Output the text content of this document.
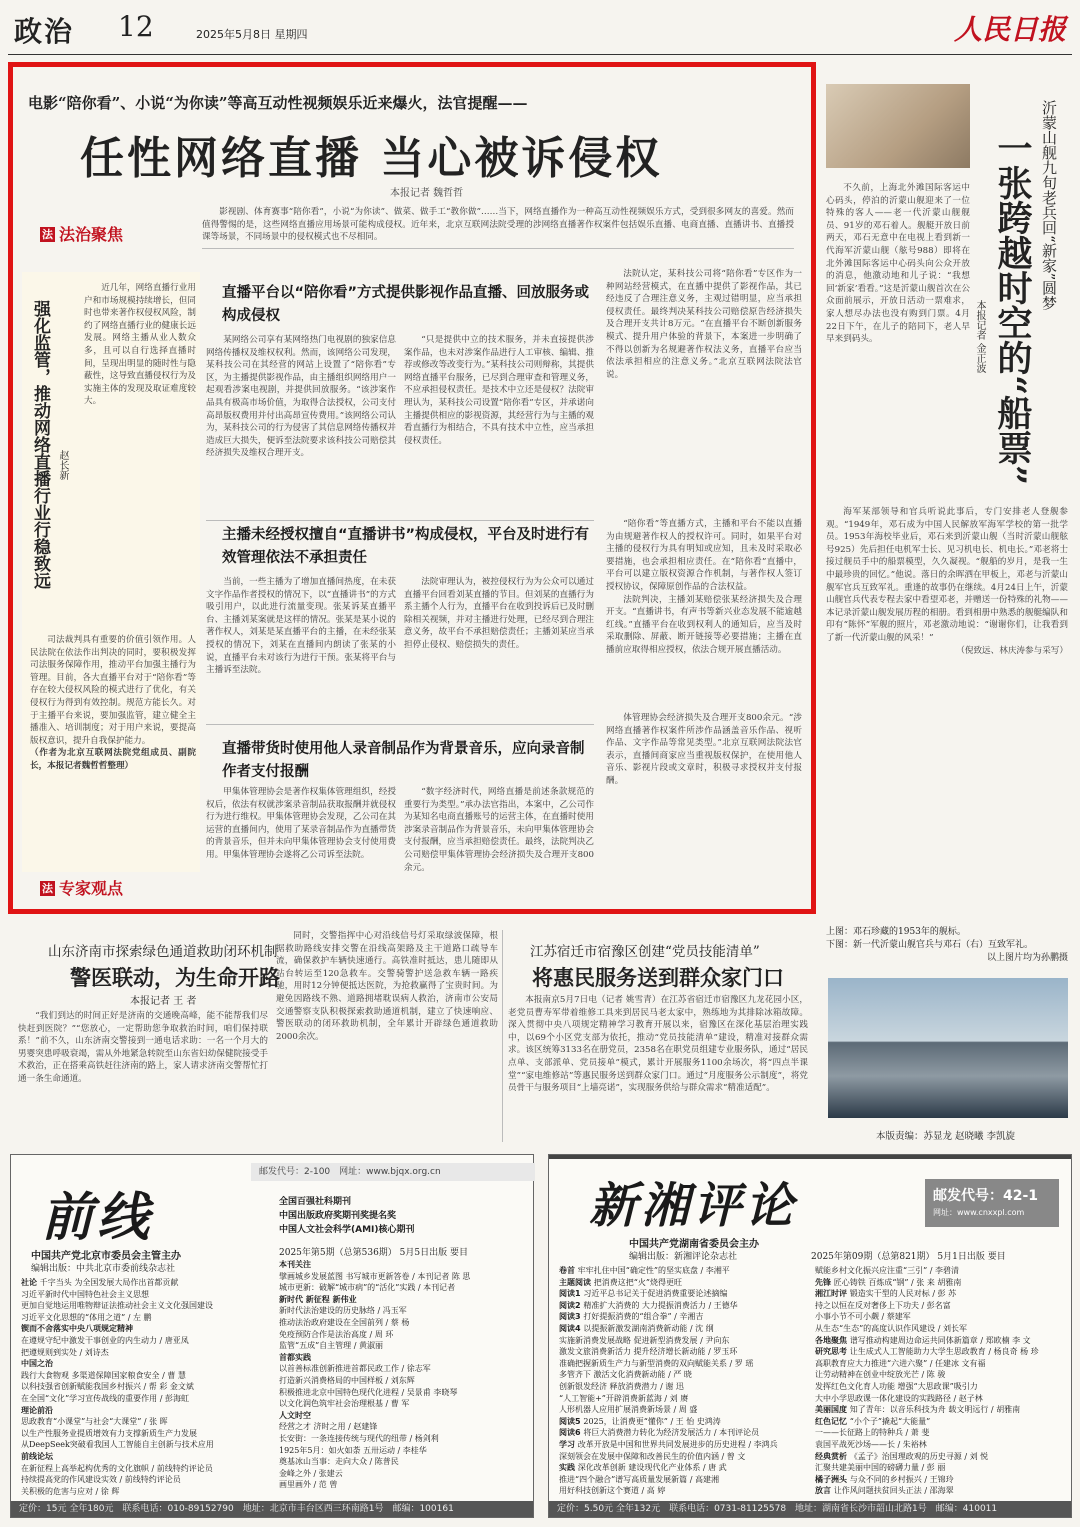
政治 12	2025年5月8日 星期四	人民日报
电影“陪你看”、小说“为你读”等高互动性视频娱乐近来爆火，法官提醒——
任性网络直播 当心被诉侵权
本报记者 魏哲哲
法 法治聚焦

影视剧、体育赛事“陪你看”，小说“为你读”、做菜、做手工“教你做”……当下，网络直播作为一种高互动性视频娱乐方式，受到很多网友的喜爱。然而值得警惕的是，这些网络直播应用场景可能构成侵权。近年来，北京互联网法院受理的涉网络直播著作权案件包括娱乐直播、电商直播、直播讲书、直播授课等场景，不同场景中的侵权模式也不尽相同。

强化监管，推动网络直播行业行稳致远 赵长新

近几年，网络直播行业用户和市场规模持续增长，但同时也带来著作权侵权风险，制约了网络直播行业的健康长远发展。网络主播从业人数众多，且可以自行选择直播时间，呈现出明显的随时性与隐蔽性，这导致直播侵权行为及实施主体的发现及取证难度较大。

司法裁判具有重要的价值引领作用。人民法院在依法作出判决的同时，要积极发挥司法服务保障作用，推动平台加强主播行为管理。目前，各大直播平台对于“陪你看”等存在较大侵权风险的模式进行了优化，有关侵权行为得到有效控制。规范方能长久。对于主播平台来说，要加强监管，建立健全主播准入、培训制度；对于用户来说，要提高版权意识，提升自我保护能力。

（作者为北京互联网法院党组成员、副院长，本报记者魏哲哲整理）

法 专家观点
直播平台以“陪你看”方式提供影视作品直播、回放服务或构成侵权

某网络公司享有某网络热门电视剧的独家信息网络传播权及维权权利。然而，该网络公司发现，某科技公司在其经营的网站上设置了“陪你看”专区，为主播提供影视作品，由主播组织网络用户一起观看涉案电视剧，并提供回放服务。“该涉案作品具有极高市场价值，为取得合法授权，公司支付高昂版权费用并付出高昂宣传费用。”该网络公司认为，某科技公司的行为侵害了其信息网络传播权并造成巨大损失，便诉至法院要求该科技公司赔偿其经济损失及维权合理开支。

“只是提供中立的技术服务，并未直接提供涉案作品，也未对涉案作品进行人工审核、编辑、推荐或修改等改变行为。”某科技公司则辩称，其提供网络直播平台服务，已尽到合理审查和管理义务，不应承担侵权责任。是技术中立还是侵权？法院审理认为，某科技公司设置“陪你看”专区，并承诺向主播提供相应的影视资源，其经营行为与主播的观看直播行为相结合，不具有技术中立性，应当承担侵权责任。

法院认定，某科技公司将“陪你看”专区作为一种网站经营模式，在直播中提供了影视作品，其已经违反了合理注意义务，主观过错明显，应当承担侵权责任。最终判决某科技公司赔偿原告经济损失及合理开支共计8万元。“在直播平台不断创新服务模式、提升用户体验的背景下，本案进一步明确了不得以创新为名规避著作权法义务，直播平台应当依法承担相应的注意义务。”北京互联网法院法官说。

主播未经授权擅自“直播讲书”构成侵权，平台及时进行有效管理依法不承担责任

当前，一些主播为了增加直播间热度，在未获文字作品作者授权的情况下，以“直播讲书”的方式吸引用户，以此进行流量变现。张某诉某直播平台、主播刘某案就是这样的情况。张某是某小说的著作权人，刘某是某直播平台的主播，在未经张某授权的情况下，刘某在直播间内朗读了张某的小说，直播平台未对该行为进行干预。张某将平台与主播诉至法院。

法院审理认为，被控侵权行为为公众可以通过直播平台回看刘某直播的节目。但刘某的直播行为系主播个人行为，直播平台在收到投诉后已及时删除相关视频，并对主播进行处理，已经尽到合理注意义务，故平台不承担赔偿责任；主播刘某应当承担停止侵权、赔偿损失的责任。

“陪你看”等直播方式，主播和平台不能以直播为由规避著作权人的授权许可。同时，如果平台对主播的侵权行为具有明知或应知，且未及时采取必要措施，也会承担相应责任。在“陪你看”直播中，平台可以建立版权资源合作机制，与著作权人签订授权协议，保障原创作品的合法权益。

法院判决，主播刘某赔偿张某经济损失及合理开支。“直播讲书，有声书等新兴业态发展不能逾越红线。”直播平台在收到权利人的通知后，应当及时采取删除、屏蔽、断开链接等必要措施；主播在直播前应取得相应授权，依法合规开展直播活动。

直播带货时使用他人录音制品作为背景音乐，应向录音制作者支付报酬

甲集体管理协会是著作权集体管理组织，经授权后，依法有权就涉案录音制品获取报酬并就侵权行为进行维权。甲集体管理协会发现，乙公司在其运营的直播间内，使用了某录音制品作为直播带货的背景音乐，但并未向甲集体管理协会支付使用费用。甲集体管理协会遂将乙公司诉至法院。

“数字经济时代，网络直播是前述条款规范的重要行为类型。”承办法官指出，本案中，乙公司作为某知名电商直播账号的运营主体，在直播时使用涉案录音制品作为背景音乐，未向甲集体管理协会支付报酬，应当承担赔偿责任。最终，法院判决乙公司赔偿甲集体管理协会经济损失及合理开支800余元。

体管理协会经济损失及合理开支800余元。“涉网络直播著作权案件所涉作品涵盖音乐作品、视听作品、文字作品等常见类型。”北京互联网法院法官表示，直播间商家应当重视版权保护，在使用他人音乐、影视片段或文章时，积极寻求授权并支付报酬。

沂蒙山舰九旬老兵回“新家”圆梦
一张跨越时空的“船票”
本报记者 金正波

不久前，上海北外滩国际客运中心码头，停泊的沂蒙山舰迎来了一位特殊的客人——老一代沂蒙山舰舰员、91岁的邓石着人。舰艇开放日前两天，邓石无意中在电视上看到新一代海军沂蒙山舰（舷号988）即将在北外滩国际客运中心码头向公众开放的消息，他激动地和儿子说：“我想回‘新家’看看。”这是沂蒙山舰首次在公众面前展示，开放日活动一票难求，家人想尽办法也没有购到门票。4月22日下午，在儿子的陪同下，老人早早来到码头。

海军某部领导和官兵听说此事后，专门安排老人登舰参观。“1949年，邓石成为中国人民解放军海军学校的第一批学员。1953年海校毕业后，邓石来到沂蒙山舰（当时沂蒙山舰舷号925）先后担任电机军士长、见习机电长、机电长。”邓老将士接过舰员手中的船票模型，久久凝视。“舰船的岁月，是我一生中最珍贵的回忆。”他说。落日的余晖洒在甲板上，邓老与沂蒙山舰军官兵互致军礼。重逢的故事仍在继续。4月24日上午，沂蒙山舰官兵代表专程去家中看望邓老，并赠送一份特殊的礼物——本记录沂蒙山舰发展历程的相册。看到相册中熟悉的舰艇编队和印有“陈怀”军舰的照片，邓老激动地说：“谢谢你们，让我看到了新一代沂蒙山舰的风采！”

（倪致远、林庆涛参与采写）

上图：邓石珍藏的1953年的舰标。
下图：新一代沂蒙山舰官兵与邓石（右）互致军礼。
以上图片均为孙鹏摄
本版责编：苏显龙 赵晓曦 李凯旋
山东济南市探索绿色通道救助闭环机制
警医联动，为生命开路
本报记者 王 者

“我们到达的时间正好是济南的交通晚高峰，能不能帮我们尽快赶到医院？”“您放心，一定帮助您争取救治时间，咱们保持联系！”前不久，山东济南交警接到一通电话求助：一名一个月大的男婴突患呼吸衰竭，需从外地紧急转院至山东省妇幼保健院接受手术救治，正在搭乘高铁赶往济南的路上，家人请求济南交警帮忙打通一条生命通道。

同时，交警指挥中心对沿线信号灯采取绿波保障，根据救助路线安排交警在沿线高架路及主干道路口疏导车流，确保救护车辆快速通行。高铁准时抵达，患儿随即从站台转运至120急救车。交警骑警护送急救车辆一路疾驰，用时12分钟便抵达医院，为抢救赢得了宝贵时间。为避免因路线不熟、道路拥堵耽误病人救治，济南市公安局交通警察支队积极探索救助通道机制，建立了快速响应、警医联动的闭环救助机制，全年累计开辟绿色通道救助2000余次。

江苏宿迁市宿豫区创建“党员技能清单”
将惠民服务送到群众家门口

本报南京5月7日电（记者 姚雪青）在江苏省宿迁市宿豫区九龙花园小区，老党员曹寿军带着维修工具来到居民马老太家中，熟练地为其排除冰箱故障。深入贯彻中央八项规定精神学习教育开展以来，宿豫区在深化基层治理实践中，以69个小区党支部为依托，推动“党员技能清单”建设，精准对接群众需求。该区统筹3133名在册党员，2358名在职党员组建专业服务队，通过“居民点单、支部派单、党员接单”模式，累计开展服务1100余场次，将“四点半课堂”“家电维修站”等惠民服务送到群众家门口。通过“月度服务公示制度”，将党员骨干与服务项目“上墙亮诺”，实现服务供给与群众需求“精准适配”。

邮发代号：2-100　 网址：www.bjqx.org.cn
前线
中国共产党北京市委员会主管主办
编辑出版：中共北京市委前线杂志社
全国百强社科期刊
中国出版政府奖期刊奖提名奖
中国人文社会科学(AMI)核心期刊
2025年第5期（总第536期） 5月5日出版 要目
社论 千字当头 为全国发展大局作出首都贡献
习近平新时代中国特色社会主义思想
更加自觉地运用唯物辩证法推动社会主义文化强国建设
习近平文化思想的“体用之道” / 左 鹏
锲而不舍落实中央八项规定精神
在遵规守纪中激发干事创业的内生动力 / 唐亚凤
把遵规则到实处 / 刘诗杰
中国之治
践行大食物观 多渠道保障国家粮食安全 / 曹 慧
以科技强省创新赋能我国乡村振兴 / 帮 彩 金文斌
在全国“文化”学习宣传战线的重要作用 / 彭海虹
理论前沿
思政教育“小课堂”与社会“大课堂” / 张 晖
以生产性服务业提质增效有力支撑新质生产力发展
从DeepSeek突破看我国人工智能自主创新与技术应用
前线论坛
在新征程上高举起构优秀的文化旗帜 / 前线特约评论员
持续提高党的作风建设实效 / 前线特约评论员
关积极的危害与应对 / 徐 辉
本刊关注
擘画城乡发展蓝图 书写城市更新答卷 / 本刊记者 陈 思
城市更新：破解“城市病”的“活化”实践 / 本刊记者
新时代 新征程 新伟业
新时代法治建设的历史脉络 / 冯玉军
推动法治政府建设在全国前列 / 蔡 杨
免疫预防合作是法治高度 / 周 环
监管“五成”自主管理 / 黄淑丽
首都实践
以首善标准创新推进首都民政工作 / 徐志军
打造新兴消费格局的中国样板 / 刘东辉
积极推进北京中国特色现代化进程 / 吴景甫 李晓琴
以文化润色筑牢社会治理根基 / 曹 军
人文时空
经营之才 济时之用 / 赵建锋
长安街：一条连接传统与现代的纽带 / 杨剑利
1925年5月：如火如荼 五卅运动 / 李桂华
奠基冰山当事：走向大众 / 陈普民
金峰之外 / 张建云
画里画外 / 范 曾
定价：15元 全年180元　联系电话：010-89152790　地址：北京市丰台区西三环南路1号　邮编：100161
新湘评论	邮发代号：42-1
网址：www.cnxxpl.com
中国共产党湖南省委员会主办
编辑出版：新湘评论杂志社	2025年第09期（总第821期） 5月1日出版 要目
卷首 牢牢扎住中国“确定性”的坚实底盘 / 李湘平
主题阅读 把消费这把“火”烧得更旺
阅读1 习近平总书记关于促进消费重要论述摘编
阅读2 精准扩大消费的 大力提振消费活力 / 王德华
阅读3 打好提振消费的“组合拳” / 辛湘吉
阅读4 以提振新激发湖南消费新动能 / 沈 纲
实施新消费发展战略 促进新型消费发展 / 尹向东
激发文旅消费新活力 提升经济增长新动能 / 罗玉环
准确把握新质生产力与新型消费的双向赋能关系 / 罗 瑶
多管齐下 激活文化消费新动能 / 严 晓
创新银发经济 释放消费潜力 / 谢 迅
“人工智能+”开辟消费新蓝海 / 刘 赓
人形机器人应用扩展消费新场景 / 周 盛
阅读5 2025，让消费更“懂你” / 王 怡 史鸿涛
阅读6 将巨大消费潜力转化为经济发展活力 / 本刊评论员
学习 改革开放是中国和世界共同发展进步的历史进程 / 李鸿兵
深刻领会在发展中保障和改善民生的价值内涵 / 曾 文
实践 深化改革创新 建设现代化产业体系 / 唐 武
推进“四个融合”谱写高质量发展新篇 / 高建湘
用好科技创新这个赛道 / 高 婷
赋能乡村文化振兴应注重“三引” / 李碧清
先锋 匠心铸铁 百炼成“钢” / 张 来 胡雅南
湘江时评 锻造实干型的人民对标 / 彭 苏
持之以恒在反对奢侈上下功夫 / 彭名富
小事小节不可小觑 / 蔡建军
从生态“生态”的高度认识作风建设 / 刘长军
各地聚焦 谱写推动构建周边命运共同体新篇章 / 郑欧楠 李 文
研究思考 让生成式人工智能助力大学生思政教育 / 杨良奇 杨 珍
高职教育应大力推进“六进六聚” / 任建冰 文有福
让劳动精神在创业中绽放光芒 / 陈 骏
发挥红色文化育人功能 增强“大思政课”吸引力
大中小学思政课一体化建设的实践路径 / 赵子林
美丽国度 知了青年：以音乐科技为舟 载文明远行 / 胡雅南
红色记忆 “小个子”撬起“大能量”
一——长征路上的特种兵 / 萧 斐
袁国平战死沙场——长 / 朱裕林
经典赏析 《孟子》治国理政观的历史寻源 / 刘 悦
汇聚共建美丽中国的磅礴力量 / 彭 丽
橘子洲头 与众不同的乡村振兴 / 王锦玲
放言 让作风问题扶贫回头正法 / 邵海翠
定价：5.50元 全年132元　联系电话：0731-81125578　地址：湖南省长沙市韶山北路1号　邮编：410011
